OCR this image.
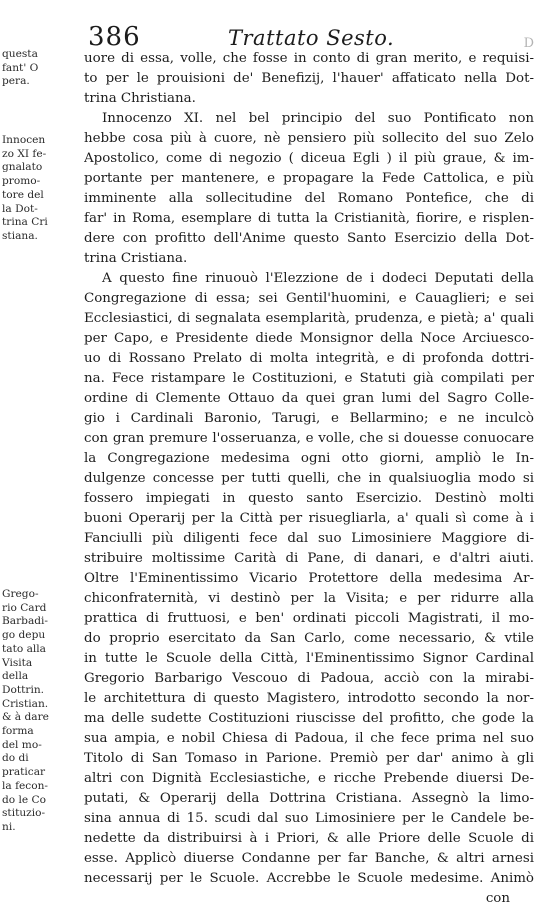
386	Trattato Sesto.	D
questa
fant' O
pera.
Innocen
zo XI fe-
gnalato
promo-
tore del
la Dot-
trina Cri
stiana.
Grego-
rio Card
Barbadi-
go depu
tato alla
Visita
della
Dottrin.
Cristian.
& à dare
forma
del mo-
do di
praticar
la fecon-
do le Co
stituzio-
ni.
uore di essa, volle, che fosse in conto di gran merito, e requisi-
to per le prouisioni de' Benefizij, l'hauer' affaticato nella Dot-
trina Christiana.
Innocenzo XI. nel bel principio del suo Pontificato non
hebbe cosa più à cuore, nè pensiero più sollecito del suo Zelo
Apostolico, come di negozio ( diceua Egli ) il più graue, & im-
portante per mantenere, e propagare la Fede Cattolica, e più
imminente alla sollecitudine del Romano Pontefice, che di
far' in Roma, esemplare di tutta la Cristianità, fiorire, e risplen-
dere con profitto dell'Anime questo Santo Esercizio della Dot-
trina Cristiana.
A questo fine rinuouò l'Elezzione de i dodeci Deputati della
Congregazione di essa; sei Gentil'huomini, e Cauaglieri; e sei
Ecclesiastici, di segnalata esemplarità, prudenza, e pietà; a' quali
per Capo, e Presidente diede Monsignor della Noce Arciuesco-
uo di Rossano Prelato di molta integrità, e di profonda dottri-
na. Fece ristampare le Costituzioni, e Statuti già compilati per
ordine di Clemente Ottauo da quei gran lumi del Sagro Colle-
gio i Cardinali Baronio, Tarugi, e Bellarmino; e ne inculcò
con gran premure l'osseruanza, e volle, che si douesse conuocare
la Congregazione medesima ogni otto giorni, ampliò le In-
dulgenze concesse per tutti quelli, che in qualsiuoglia modo si
fossero impiegati in questo santo Esercizio. Destinò molti
buoni Operarij per la Città per risuegliarla, a' quali sì come à i
Fanciulli più diligenti fece dal suo Limosiniere Maggiore di-
stribuire moltissime Carità di Pane, di danari, e d'altri aiuti.
Oltre l'Eminentissimo Vicario Protettore della medesima Ar-
chiconfraternità, vi destinò per la Visita; e per ridurre alla
prattica di fruttuosi, e ben' ordinati piccoli Magistrati, il mo-
do proprio esercitato da San Carlo, come necessario, & vtile
in tutte le Scuole della Città, l'Eminentissimo Signor Cardinal
Gregorio Barbarigo Vescouo di Padoua, acciò con la mirabi-
le architettura di questo Magistero, introdotto secondo la nor-
ma delle sudette Costituzioni riuscisse del profitto, che gode la
sua ampia, e nobil Chiesa di Padoua, il che fece prima nel suo
Titolo di San Tomaso in Parione. Premiò per dar' animo à gli
altri con Dignità Ecclesiastiche, e ricche Prebende diuersi De-
putati, & Operarij della Dottrina Cristiana. Assegnò la limo-
sina annua di 15. scudi dal suo Limosiniere per le Candele be-
nedette da distribuirsi à i Priori, & alle Priore delle Scuole di
esse. Applicò diuerse Condanne per far Banche, & altri arnesi
necessarij per le Scuole. Accrebbe le Scuole medesime. Animò
con
